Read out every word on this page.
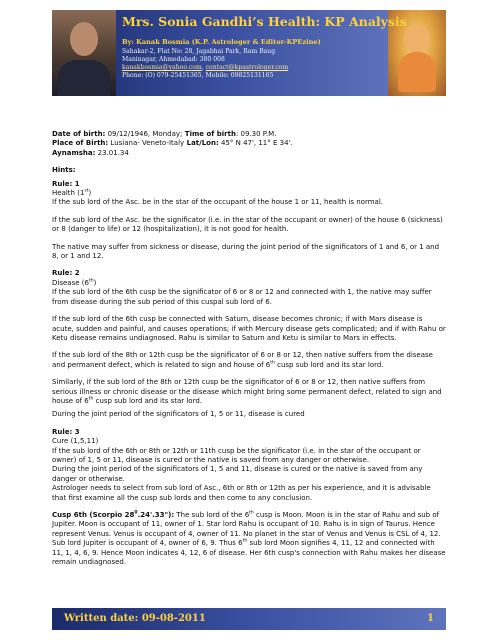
Mrs. Sonia Gandhi’s Health: KP Analysis
By: Kanak Bosmia (K.P. Astrologer & Editor-KPEzine)
Sahakar-2, Flat No: 28, Jagabhai Park, Ram Baug
Maninagar, Ahmedabad: 380 008
kanakbosmia@yahoo.com, contact@kpastrologer.com
Phone: (O) 079-25451365, Mobile: 09825131165

Date of birth: 09/12/1946, Monday; Time of birth: 09.30 P.M.

Place of Birth: Lusiana- Veneto-Italy Lat/Lon: 45° N 47', 11° E 34'.

Aynamsha: 23.01.34

Hints:

Rule: 1

Health (1st)

If the sub lord of the Asc. be in the star of the occupant of the house 1 or 11, health is normal.

If the sub lord of the Asc. be the significator (i.e. in the star of the occupant or owner) of the house 6 (sickness) or 8 (danger to life) or 12 (hospitalization), it is not good for health.

The native may suffer from sickness or disease, during the joint period of the significators of 1 and 6, or 1 and 8, or 1 and 12.

Rule: 2

Disease (6th)

If the sub lord of the 6th cusp be the significator of 6 or 8 or 12 and connected with 1, the native may suffer from disease during the sub period of this cuspal sub lord of 6.

If the sub lord of the 6th cusp be connected with Saturn, disease becomes chronic; if with Mars disease is acute, sudden and painful, and causes operations; if with Mercury disease gets complicated; and if with Rahu or Ketu disease remains undiagnosed. Rahu is similar to Saturn and Ketu is similar to Mars in effects.

If the sub lord of the 8th or 12th cusp be the significator of 6 or 8 or 12, then native suffers from the disease and permanent defect, which is related to sign and house of 6th cusp sub lord and its star lord.

Similarly, if the sub lord of the 8th or 12th cusp be the significator of 6 or 8 or 12, then native suffers from serious illness or chronic disease or the disease which might bring some permanent defect, related to sign and house of 6th cusp sub lord and its star lord.

During the joint period of the significators of 1, 5 or 11, disease is cured

Rule: 3

Cure (1,5,11)

If the sub lord of the 6th or 8th or 12th or 11th cusp be the significator (i.e. in the star of the occupant or owner) of 1, 5 or 11, disease is cured or the native is saved from any danger or otherwise.

During the joint period of the significators of 1, 5 and 11, disease is cured or the native is saved from any danger or otherwise.

Astrologer needs to select from sub lord of Asc., 6th or 8th or 12th as per his experience, and it is advisable that first examine all the cusp sub lords and then come to any conclusion.

Cusp 6th (Scorpio $28^0.24'.33$"): The sub lord of the 6th cusp is Moon. Moon is in the star of Rahu and sub of Jupiter. Moon is occupant of 11, owner of 1. Star lord Rahu is occupant of 10. Rahu is in sign of Taurus. Hence represent Venus. Venus is occupant of 4, owner of 11. No planet in the star of Venus and Venus is CSL of 4, 12. Sub lord Jupiter is occupant of 4, owner of 6, 9. Thus 6th sub lord Moon signifies 4, 11, 12 and connected with 11, 1, 4, 6, 9. Hence Moon indicates 4, 12, 6 of disease. Her 6th cusp's connection with Rahu makes her disease remain undiagnosed.

Written date: 09-08-2011	1
